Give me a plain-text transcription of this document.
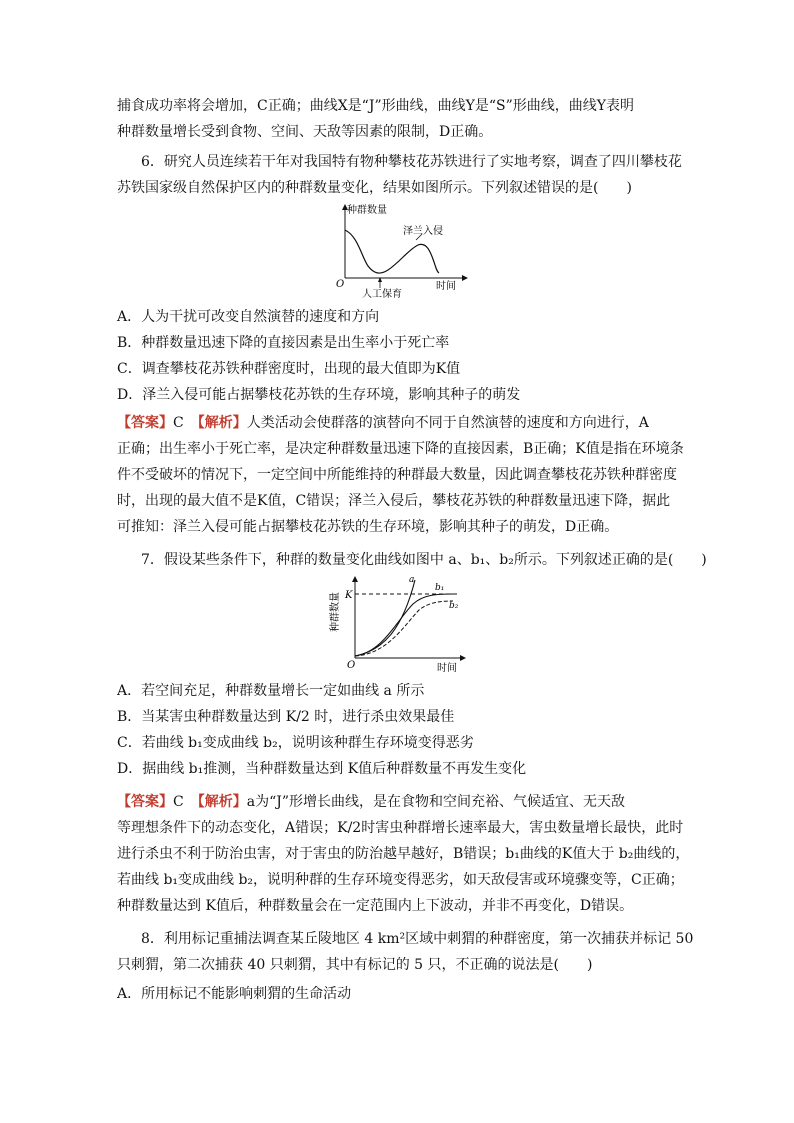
捕食成功率将会增加，C正确；曲线X是“J”形曲线，曲线Y是“S”形曲线，曲线Y表明
种群数量增长受到食物、空间、天敌等因素的限制，D正确。
6．研究人员连续若干年对我国特有物种攀枝花苏铁进行了实地考察，调查了四川攀枝花
苏铁国家级自然保护区内的种群数量变化，结果如图所示。下列叙述错误的是(　　)
种群数量
O	时间
泽兰入侵
人工保育
A．人为干扰可改变自然演替的速度和方向
B．种群数量迅速下降的直接因素是出生率小于死亡率
C．调查攀枝花苏铁种群密度时，出现的最大值即为K值
D．泽兰入侵可能占据攀枝花苏铁的生存环境，影响其种子的萌发
【答案】C　 【解析】人类活动会使群落的演替向不同于自然演替的速度和方向进行，A
正确；出生率小于死亡率，是决定种群数量迅速下降的直接因素，B正确；K值是指在环境条
件不受破坏的情况下，一定空间中所能维持的种群最大数量，因此调查攀枝花苏铁种群密度
时，出现的最大值不是K值，C错误；泽兰入侵后，攀枝花苏铁的种群数量迅速下降，据此
可推知：泽兰入侵可能占据攀枝花苏铁的生存环境，影响其种子的萌发，D正确。
7．假设某些条件下，种群的数量变化曲线如图中 a、b₁、b₂所示。下列叙述正确的是(　　)
K
O	时间
a
b₁
b₂
种群数量
A．若空间充足，种群数量增长一定如曲线 a 所示
B．当某害虫种群数量达到 K/2 时，进行杀虫效果最佳
C．若曲线 b₁变成曲线 b₂，说明该种群生存环境变得恶劣
D．据曲线 b₁推测，当种群数量达到 K值后种群数量不再发生变化
【答案】C　 【解析】a为“J”形增长曲线，是在食物和空间充裕、气候适宜、无天敌
等理想条件下的动态变化，A错误；K/2时害虫种群增长速率最大，害虫数量增长最快，此时
进行杀虫不利于防治虫害，对于害虫的防治越早越好，B错误；b₁曲线的K值大于 b₂曲线的，
若曲线 b₁变成曲线 b₂，说明种群的生存环境变得恶劣，如天敌侵害或环境骤变等，C正确；
种群数量达到 K值后，种群数量会在一定范围内上下波动，并非不再变化，D错误。
8．利用标记重捕法调查某丘陵地区 4 km²区域中刺猬的种群密度，第一次捕获并标记 50
只刺猬，第二次捕获 40 只刺猬，其中有标记的 5 只，不正确的说法是(　　)
A．所用标记不能影响刺猬的生命活动
